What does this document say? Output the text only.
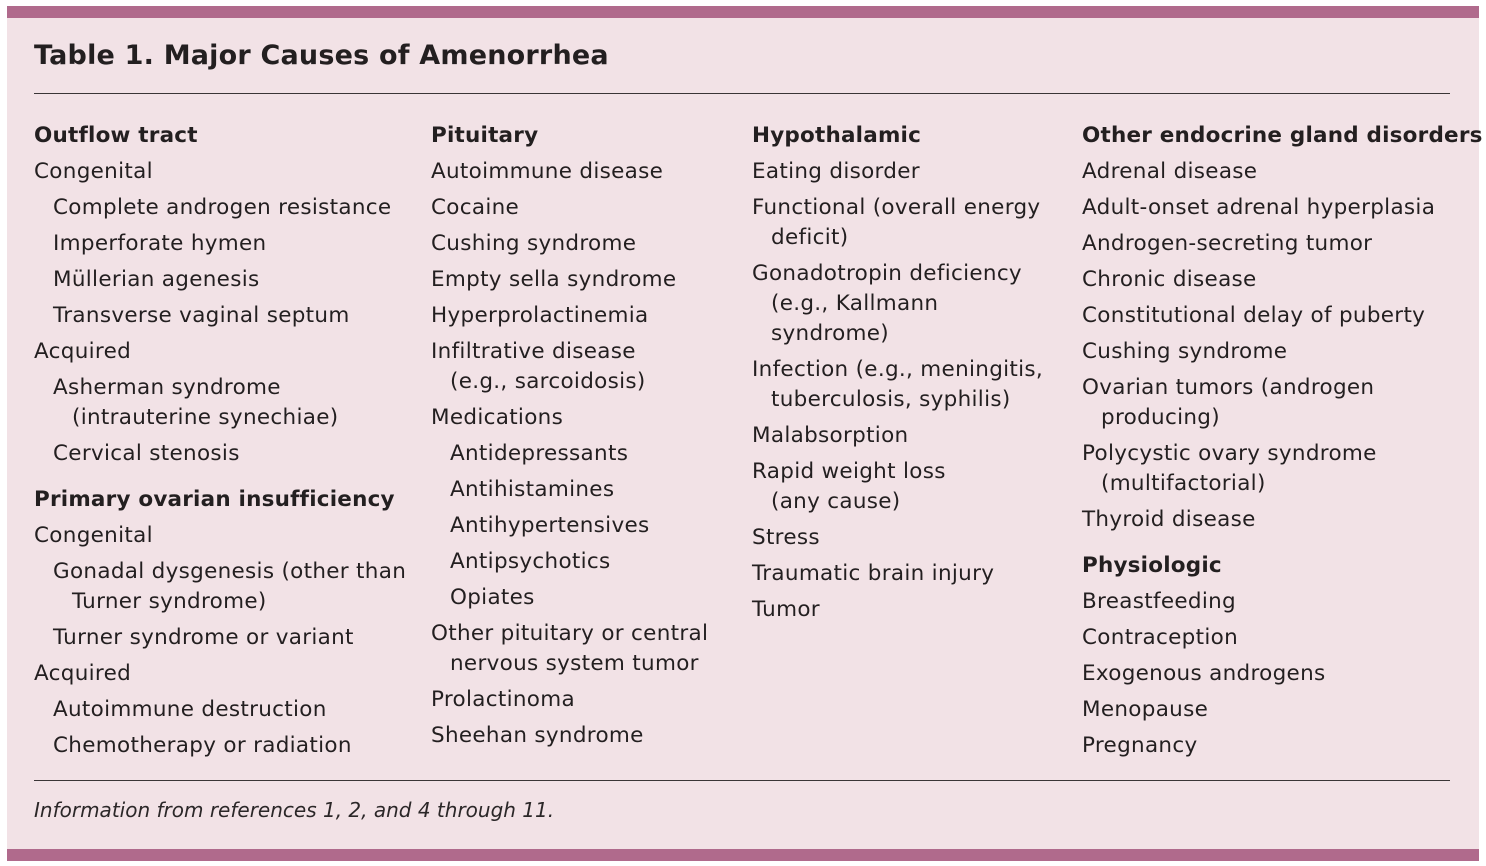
Table 1. Major Causes of Amenorrhea
Outflow tract
Congenital
Complete androgen resistance
Imperforate hymen
Müllerian agenesis
Transverse vaginal septum
Acquired
Asherman syndrome
(intrauterine synechiae)
Cervical stenosis
Primary ovarian insufficiency
Congenital
Gonadal dysgenesis (other than
Turner syndrome)
Turner syndrome or variant
Acquired
Autoimmune destruction
Chemotherapy or radiation
Pituitary
Autoimmune disease
Cocaine
Cushing syndrome
Empty sella syndrome
Hyperprolactinemia
Infiltrative disease
(e.g., sarcoidosis)
Medications
Antidepressants
Antihistamines
Antihypertensives
Antipsychotics
Opiates
Other pituitary or central
nervous system tumor
Prolactinoma
Sheehan syndrome
Hypothalamic
Eating disorder
Functional (overall energy
deficit)
Gonadotropin deficiency
(e.g., Kallmann
syndrome)
Infection (e.g., meningitis,
tuberculosis, syphilis)
Malabsorption
Rapid weight loss
(any cause)
Stress
Traumatic brain injury
Tumor
Other endocrine gland disorders
Adrenal disease
Adult-onset adrenal hyperplasia
Androgen-secreting tumor
Chronic disease
Constitutional delay of puberty
Cushing syndrome
Ovarian tumors (androgen
producing)
Polycystic ovary syndrome
(multifactorial)
Thyroid disease
Physiologic
Breastfeeding
Contraception
Exogenous androgens
Menopause
Pregnancy
Information from references 1, 2, and 4 through 11.
